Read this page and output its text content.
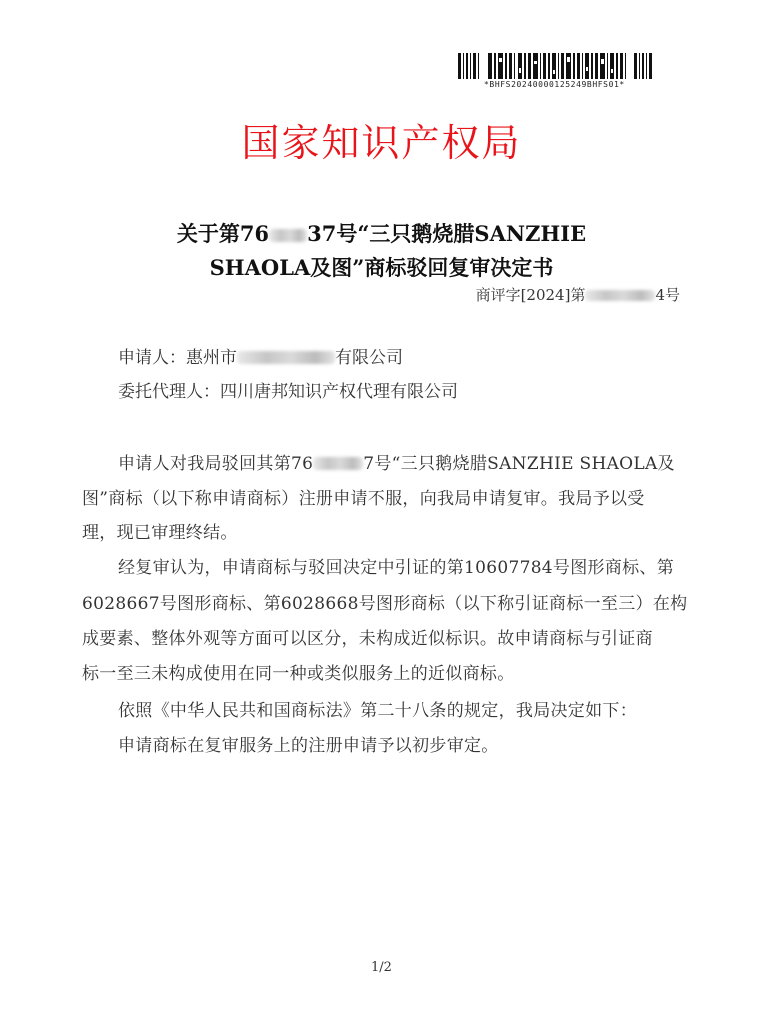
*BHFS20240000125249BHFS01*
国家知识产权局
关于第76 37号“三只鹅烧腊SANZHIE
SHAOLA及图”商标驳回复审决定书
商评字[2024]第	4号
申请人：惠州市	有限公司
委托代理人：四川唐邦知识产权代理有限公司
申请人对我局驳回其第76	7号“三只鹅烧腊SANZHIE SHAOLA及
图”商标（以下称申请商标）注册申请不服，向我局申请复审。我局予以受
理，现已审理终结。
经复审认为，申请商标与驳回决定中引证的第10607784号图形商标、第
6028667号图形商标、第6028668号图形商标（以下称引证商标一至三）在构
成要素、整体外观等方面可以区分，未构成近似标识。故申请商标与引证商
标一至三未构成使用在同一种或类似服务上的近似商标。
依照《中华人民共和国商标法》第二十八条的规定，我局决定如下：
申请商标在复审服务上的注册申请予以初步审定。
1/2
